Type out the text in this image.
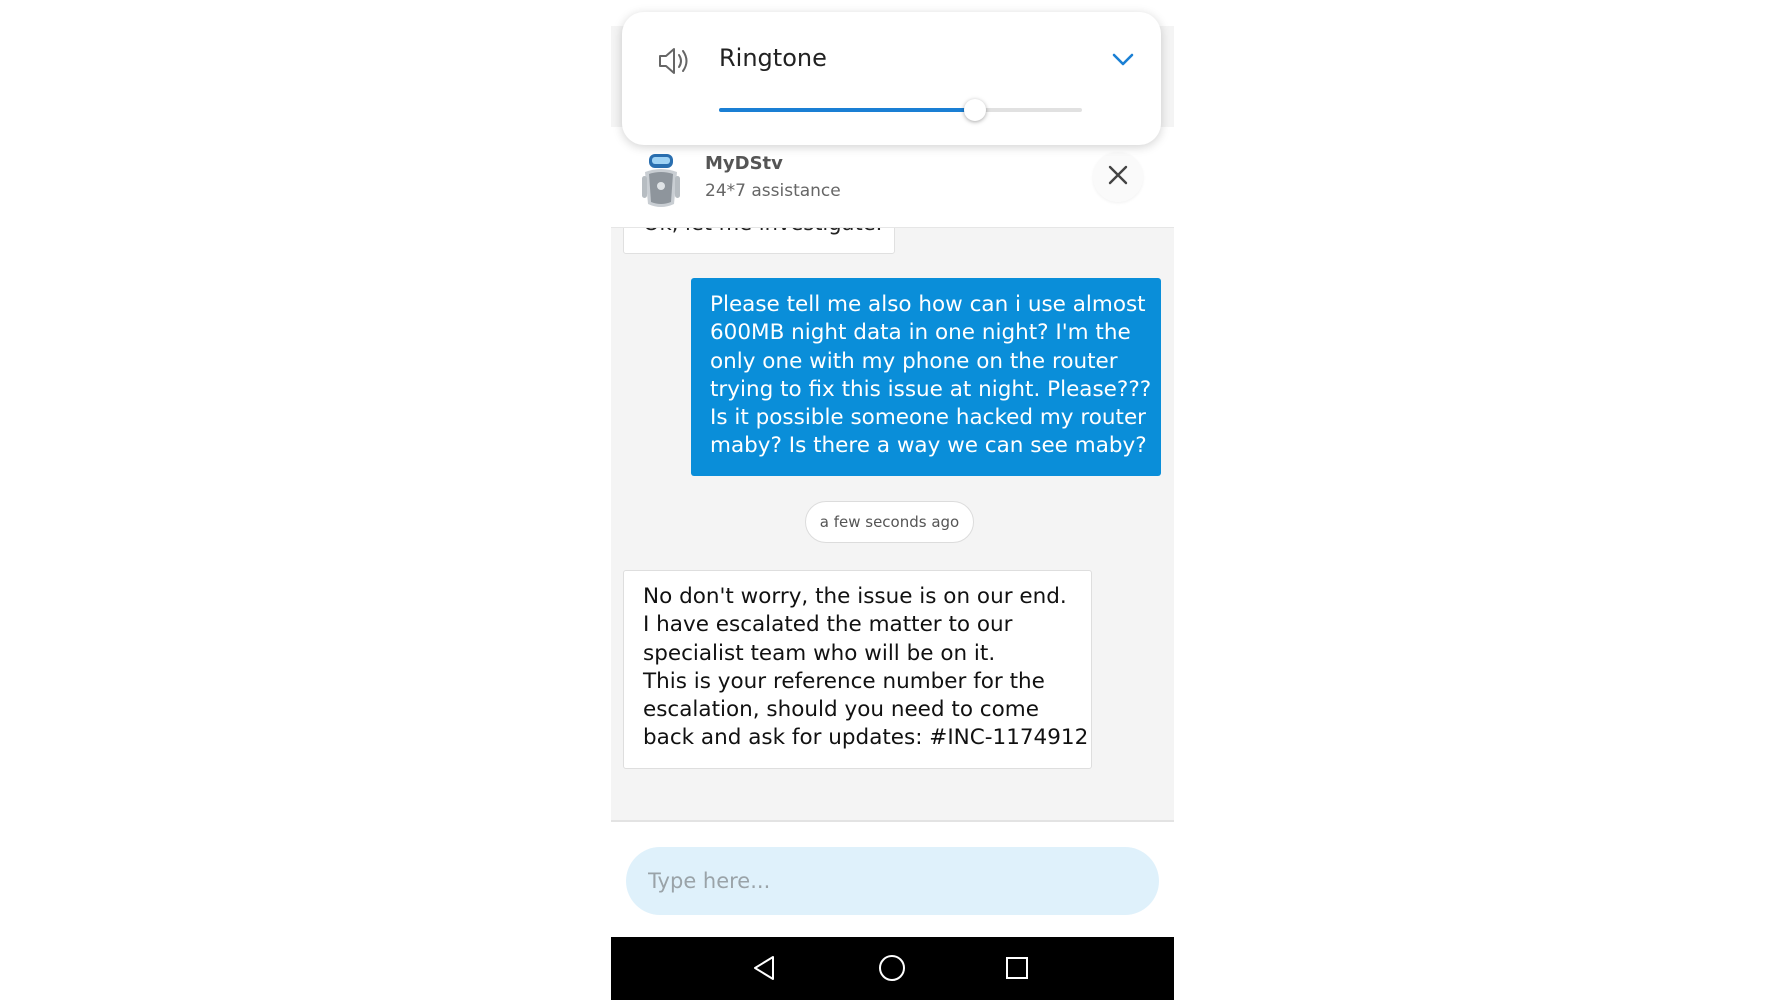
Ringtone
MyDStv
24*7 assistance
Please tell me also how can i use almost
600MB night data in one night? I'm the
only one with my phone on the router
trying to fix this issue at night. Please???
Is it possible someone hacked my router
maby? Is there a way we can see maby?
a few seconds ago
No don't worry, the issue is on our end.
I have escalated the matter to our
specialist team who will be on it.
This is your reference number for the
escalation, should you need to come
back and ask for updates: #INC-1174912
Type here...
